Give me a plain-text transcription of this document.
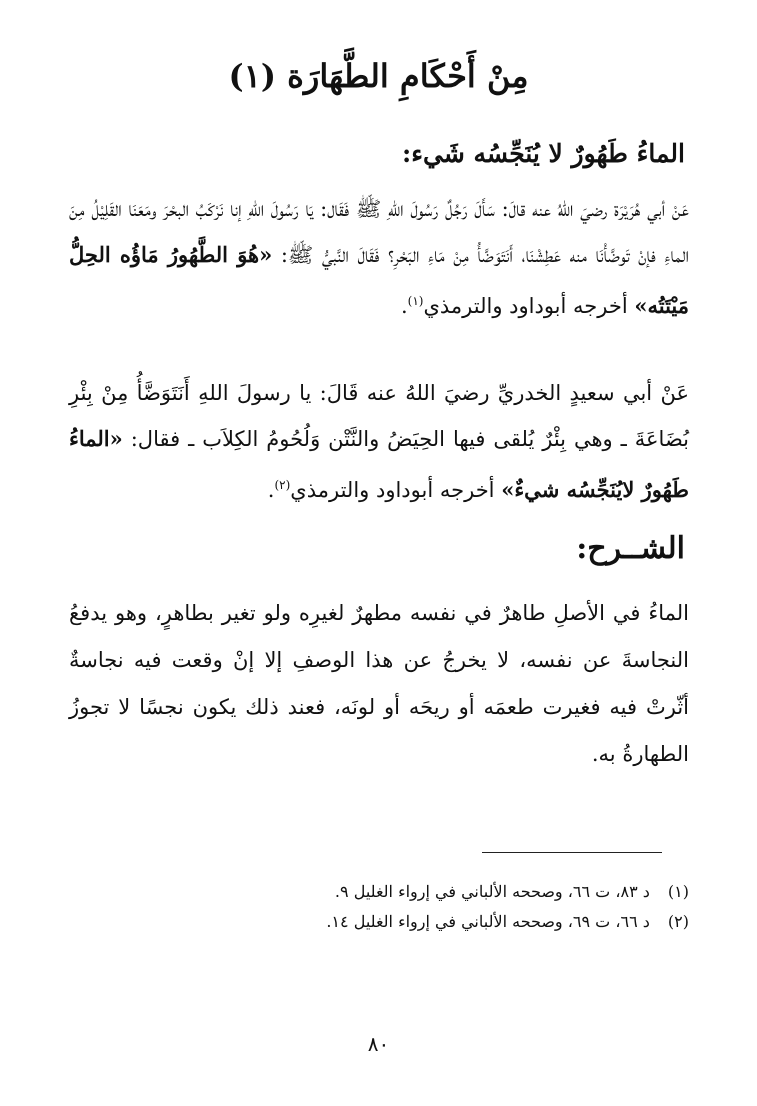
مِنْ أَحْكَامِ الطَّهَارَة (١)
الماءُ طَهُورٌ لا يُنَجِّسُه شَيء:
عَنْ أبي هُرَيْرَة رضيَ اللهُ عنه قالَ: سَأَلَ رَجُلٌ رَسُولَ اللهِ ﷺ فَقَال: يَا رَسُولَ اللهِ إنا نَرْكَبُ البحْرَ ومَعَنَا القَلِيْلُ مِنَ الماءِ فإنْ تَوضَّأْنَا منه عَطِشْنَا، أَنَتَوَضَّأُ مِنْ مَاءِ البَحْرِ؟ فَقَالَ النَّبيُّ ﷺ: «هُوَ الطَّهُورُ مَاؤُه الحِلُّ مَيْتَتُه» أخرجه أبوداود والترمذي$^{(١)}$.
عَنْ أبي سعيدٍ الخدريِّ رضيَ اللهُ عنه قَالَ: يا رسولَ اللهِ أَنَتَوَضَّأُ مِنْ بِئْرِ بُضَاعَةَ ـ وهي بِئْرٌ يُلقى فيها الحِيَضُ والنَّتْن وَلُحُومُ الكِلاَب ـ فقال: «الماءُ طَهُورٌ لايُنَجِّسُه شيءٌ» أخرجه أبوداود والترمذي$^{(٢)}$.
الشــرح:
الماءُ في الأصلِ طاهرٌ في نفسه مطهرٌ لغيرِه ولو تغير بطاهرٍ، وهو يدفعُ النجاسةَ عن نفسه، لا يخرجُ عن هذا الوصفِ إلا إنْ وقعت فيه نجاسةٌ أثّرتْ فيه فغيرت طعمَه أو ريحَه أو لونَه، فعند ذلك يكون نجسًا لا تجوزُ الطهارةُ به.
(١)د ٨٣، ت ٦٦، وصححه الألباني في إرواء الغليل ٩.
(٢)د ٦٦، ت ٦٩، وصححه الألباني في إرواء الغليل ١٤.
٨٠
